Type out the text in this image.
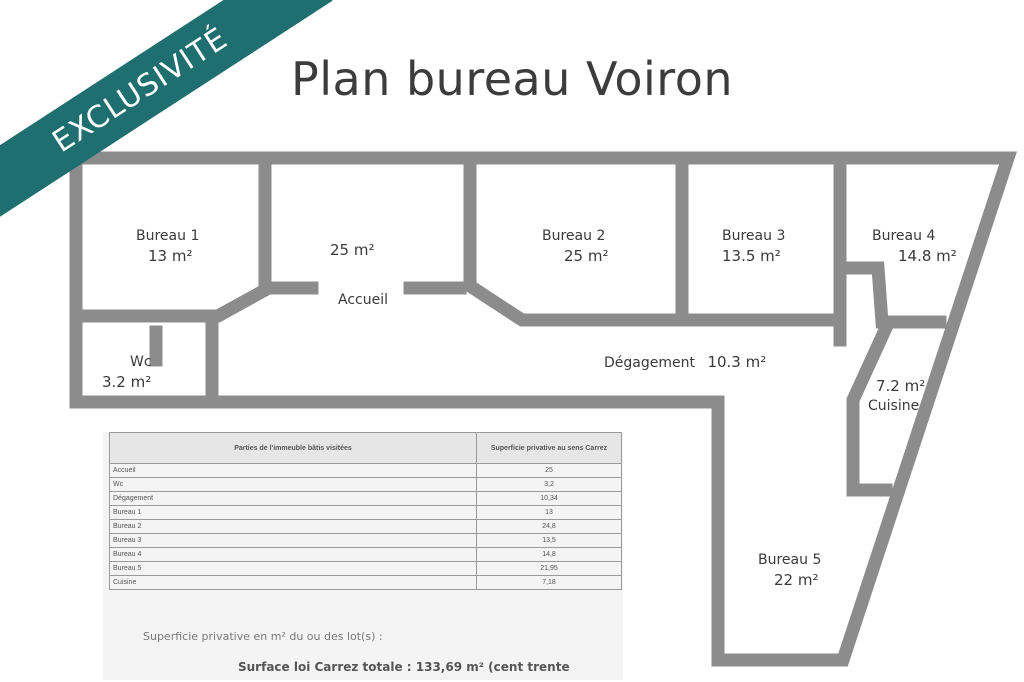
EXCLUSIVITÉ	Plan bureau Voiron
Bureau 1
13 m²	25 m²
Accueil
Bureau 2
25 m²
Bureau 3
13.5 m²
Bureau 4
14.8 m²
Wc
3.2 m²
Dégagement 10.3 m²
7.2 m²
Cuisine
Bureau 5
22 m²
Parties de l'immeuble bâtis visitées	Superficie privative au sens Carrez
Accueil	25
Wc	3,2
Dégagement	10,34
Bureau 1	13
Bureau 2	24,8
Bureau 3	13,5
Bureau 4	14,8
Bureau 5	21,95
Cuisine	7,18
Superficie privative en m² du ou des lot(s) :
Surface loi Carrez totale : 133,69 m² (cent trente
